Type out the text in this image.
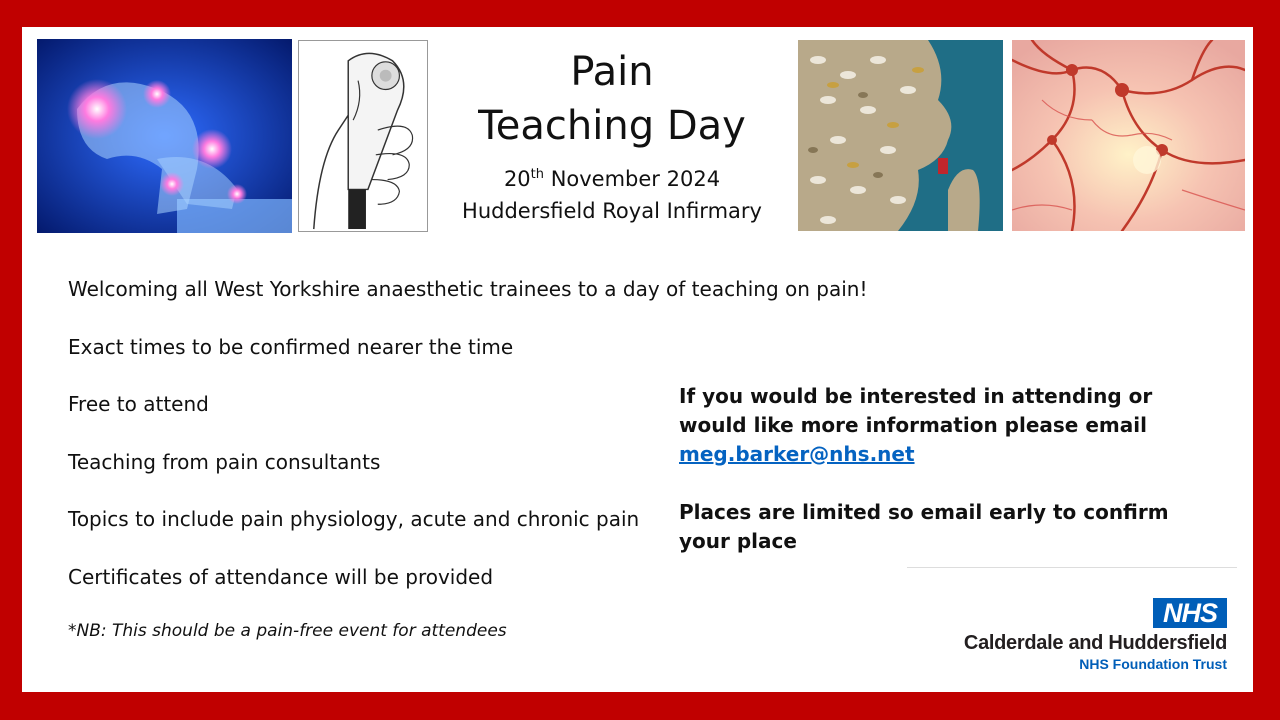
Pain
Teaching Day
20th November 2024
Huddersfield Royal Infirmary
Welcoming all West Yorkshire anaesthetic trainees to a day of teaching on pain!
Exact times to be confirmed nearer the time
Free to attend
Teaching from pain consultants
Topics to include pain physiology, acute and chronic pain
Certificates of attendance will be provided
*NB: This should be a pain-free event for attendees

If you would be interested in attending or would like more information please email

meg.barker@nhs.net

Places are limited so email early to confirm your place

NHS
Calderdale and Huddersfield
NHS Foundation Trust
